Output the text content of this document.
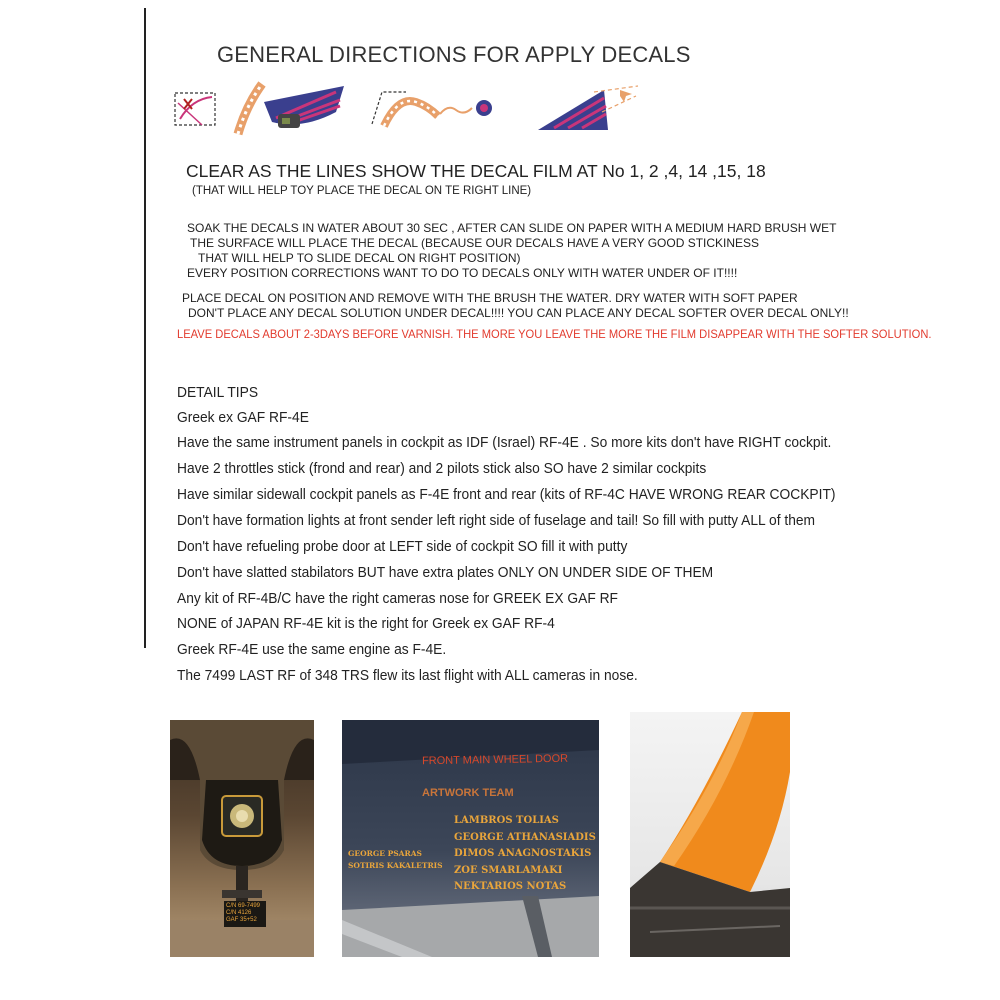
GENERAL DIRECTIONS FOR APPLY DECALS
CLEAR AS THE LINES SHOW THE DECAL FILM AT No 1, 2 ,4, 14 ,15, 18
(THAT WILL HELP TOY PLACE THE DECAL ON TE RIGHT LINE)
SOAK THE DECALS IN WATER ABOUT 30 SEC , AFTER CAN SLIDE ON PAPER WITH A MEDIUM HARD BRUSH WET
THE SURFACE WILL PLACE THE DECAL (BECAUSE OUR DECALS HAVE A VERY GOOD STICKINESS
THAT WILL HELP TO SLIDE DECAL ON RIGHT POSITION)
EVERY POSITION CORRECTIONS WANT TO DO TO DECALS ONLY WITH WATER UNDER OF IT!!!!
PLACE DECAL ON POSITION AND REMOVE WITH THE BRUSH THE WATER. DRY WATER WITH SOFT PAPER
DON'T PLACE ANY DECAL SOLUTION UNDER DECAL!!!! YOU CAN PLACE ANY DECAL SOFTER OVER DECAL ONLY!!
LEAVE DECALS ABOUT 2-3DAYS BEFORE VARNISH. THE MORE YOU LEAVE THE MORE THE FILM DISAPPEAR WITH THE SOFTER SOLUTION.
DETAIL TIPS
Greek ex GAF RF-4E
Have the same instrument panels in cockpit as IDF (Israel) RF-4E . So more kits don't have RIGHT cockpit.
Have 2 throttles stick (frond and rear) and 2 pilots stick also SO have 2 similar cockpits
Have similar sidewall cockpit panels as F-4E front and rear (kits of RF-4C HAVE WRONG REAR COCKPIT)
Don't have formation lights at front sender left right side of fuselage and tail! So fill with putty ALL of them
Don't have refueling probe door at LEFT side of cockpit SO fill it with putty
Don't have slatted stabilators BUT have extra plates ONLY ON UNDER SIDE OF THEM
Any kit of RF-4B/C have the right cameras nose for GREEK EX GAF RF
NONE of JAPAN RF-4E kit is the right for Greek ex GAF RF-4
Greek RF-4E use the same engine as F-4E.
The 7499 LAST RF of 348 TRS flew its last flight with ALL cameras in nose.
C/N 69-7499
C/N 4126
GAF 35+52
FRONT MAIN WHEEL DOOR
ARTWORK TEAM
LAMBROS TOLIAS
GEORGE ATHANASIADIS
DIMOS ANAGNOSTAKIS
ZOE SMARLAMAKI
NEKTARIOS NOTAS
GEORGE PSARAS
SOTIRIS KAKALETRIS
